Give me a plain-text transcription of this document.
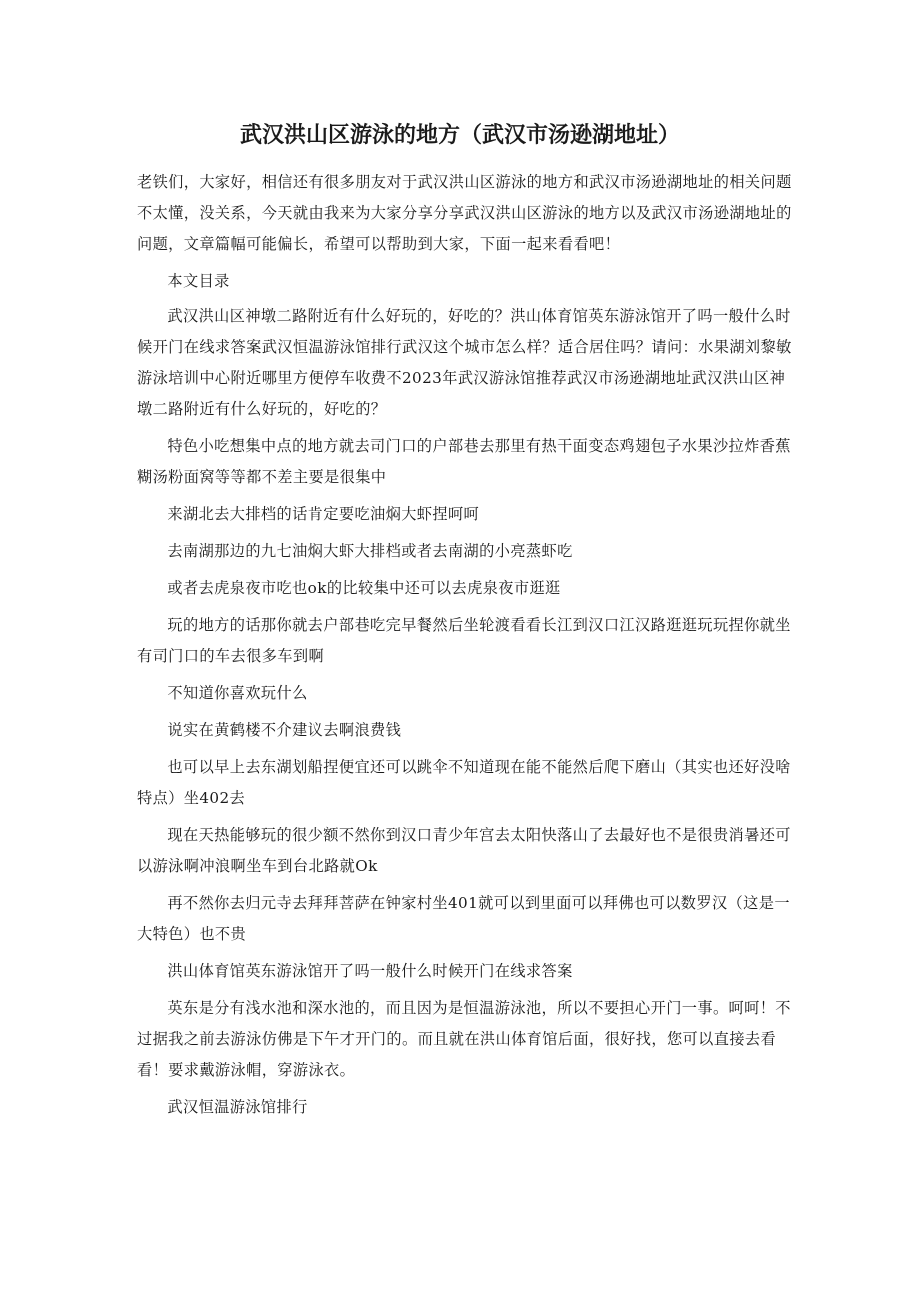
武汉洪山区游泳的地方（武汉市汤逊湖地址）

老铁们，大家好，相信还有很多朋友对于武汉洪山区游泳的地方和武汉市汤逊湖地址的相关问题不太懂，没关系，今天就由我来为大家分享分享武汉洪山区游泳的地方以及武汉市汤逊湖地址的问题，文章篇幅可能偏长，希望可以帮助到大家，下面一起来看看吧！

本文目录

武汉洪山区神墩二路附近有什么好玩的，好吃的？洪山体育馆英东游泳馆开了吗一般什么时候开门在线求答案武汉恒温游泳馆排行武汉这个城市怎么样？适合居住吗？请问：水果湖刘黎敏游泳培训中心附近哪里方便停车收费不2023年武汉游泳馆推荐武汉市汤逊湖地址武汉洪山区神墩二路附近有什么好玩的，好吃的？

特色小吃想集中点的地方就去司门口的户部巷去那里有热干面变态鸡翅包子水果沙拉炸香蕉糊汤粉面窝等等都不差主要是很集中

来湖北去大排档的话肯定要吃油焖大虾捏呵呵

去南湖那边的九七油焖大虾大排档或者去南湖的小亮蒸虾吃

或者去虎泉夜市吃也ok的比较集中还可以去虎泉夜市逛逛

玩的地方的话那你就去户部巷吃完早餐然后坐轮渡看看长江到汉口江汉路逛逛玩玩捏你就坐有司门口的车去很多车到啊

不知道你喜欢玩什么

说实在黄鹤楼不介建议去啊浪费钱

也可以早上去东湖划船捏便宜还可以跳伞不知道现在能不能然后爬下磨山（其实也还好没啥特点）坐402去

现在天热能够玩的很少额不然你到汉口青少年宫去太阳快落山了去最好也不是很贵消暑还可以游泳啊冲浪啊坐车到台北路就Ok

再不然你去归元寺去拜拜菩萨在钟家村坐401就可以到里面可以拜佛也可以数罗汉（这是一大特色）也不贵

洪山体育馆英东游泳馆开了吗一般什么时候开门在线求答案

英东是分有浅水池和深水池的，而且因为是恒温游泳池，所以不要担心开门一事。呵呵！不过据我之前去游泳仿佛是下午才开门的。而且就在洪山体育馆后面，很好找，您可以直接去看看！要求戴游泳帽，穿游泳衣。

武汉恒温游泳馆排行
